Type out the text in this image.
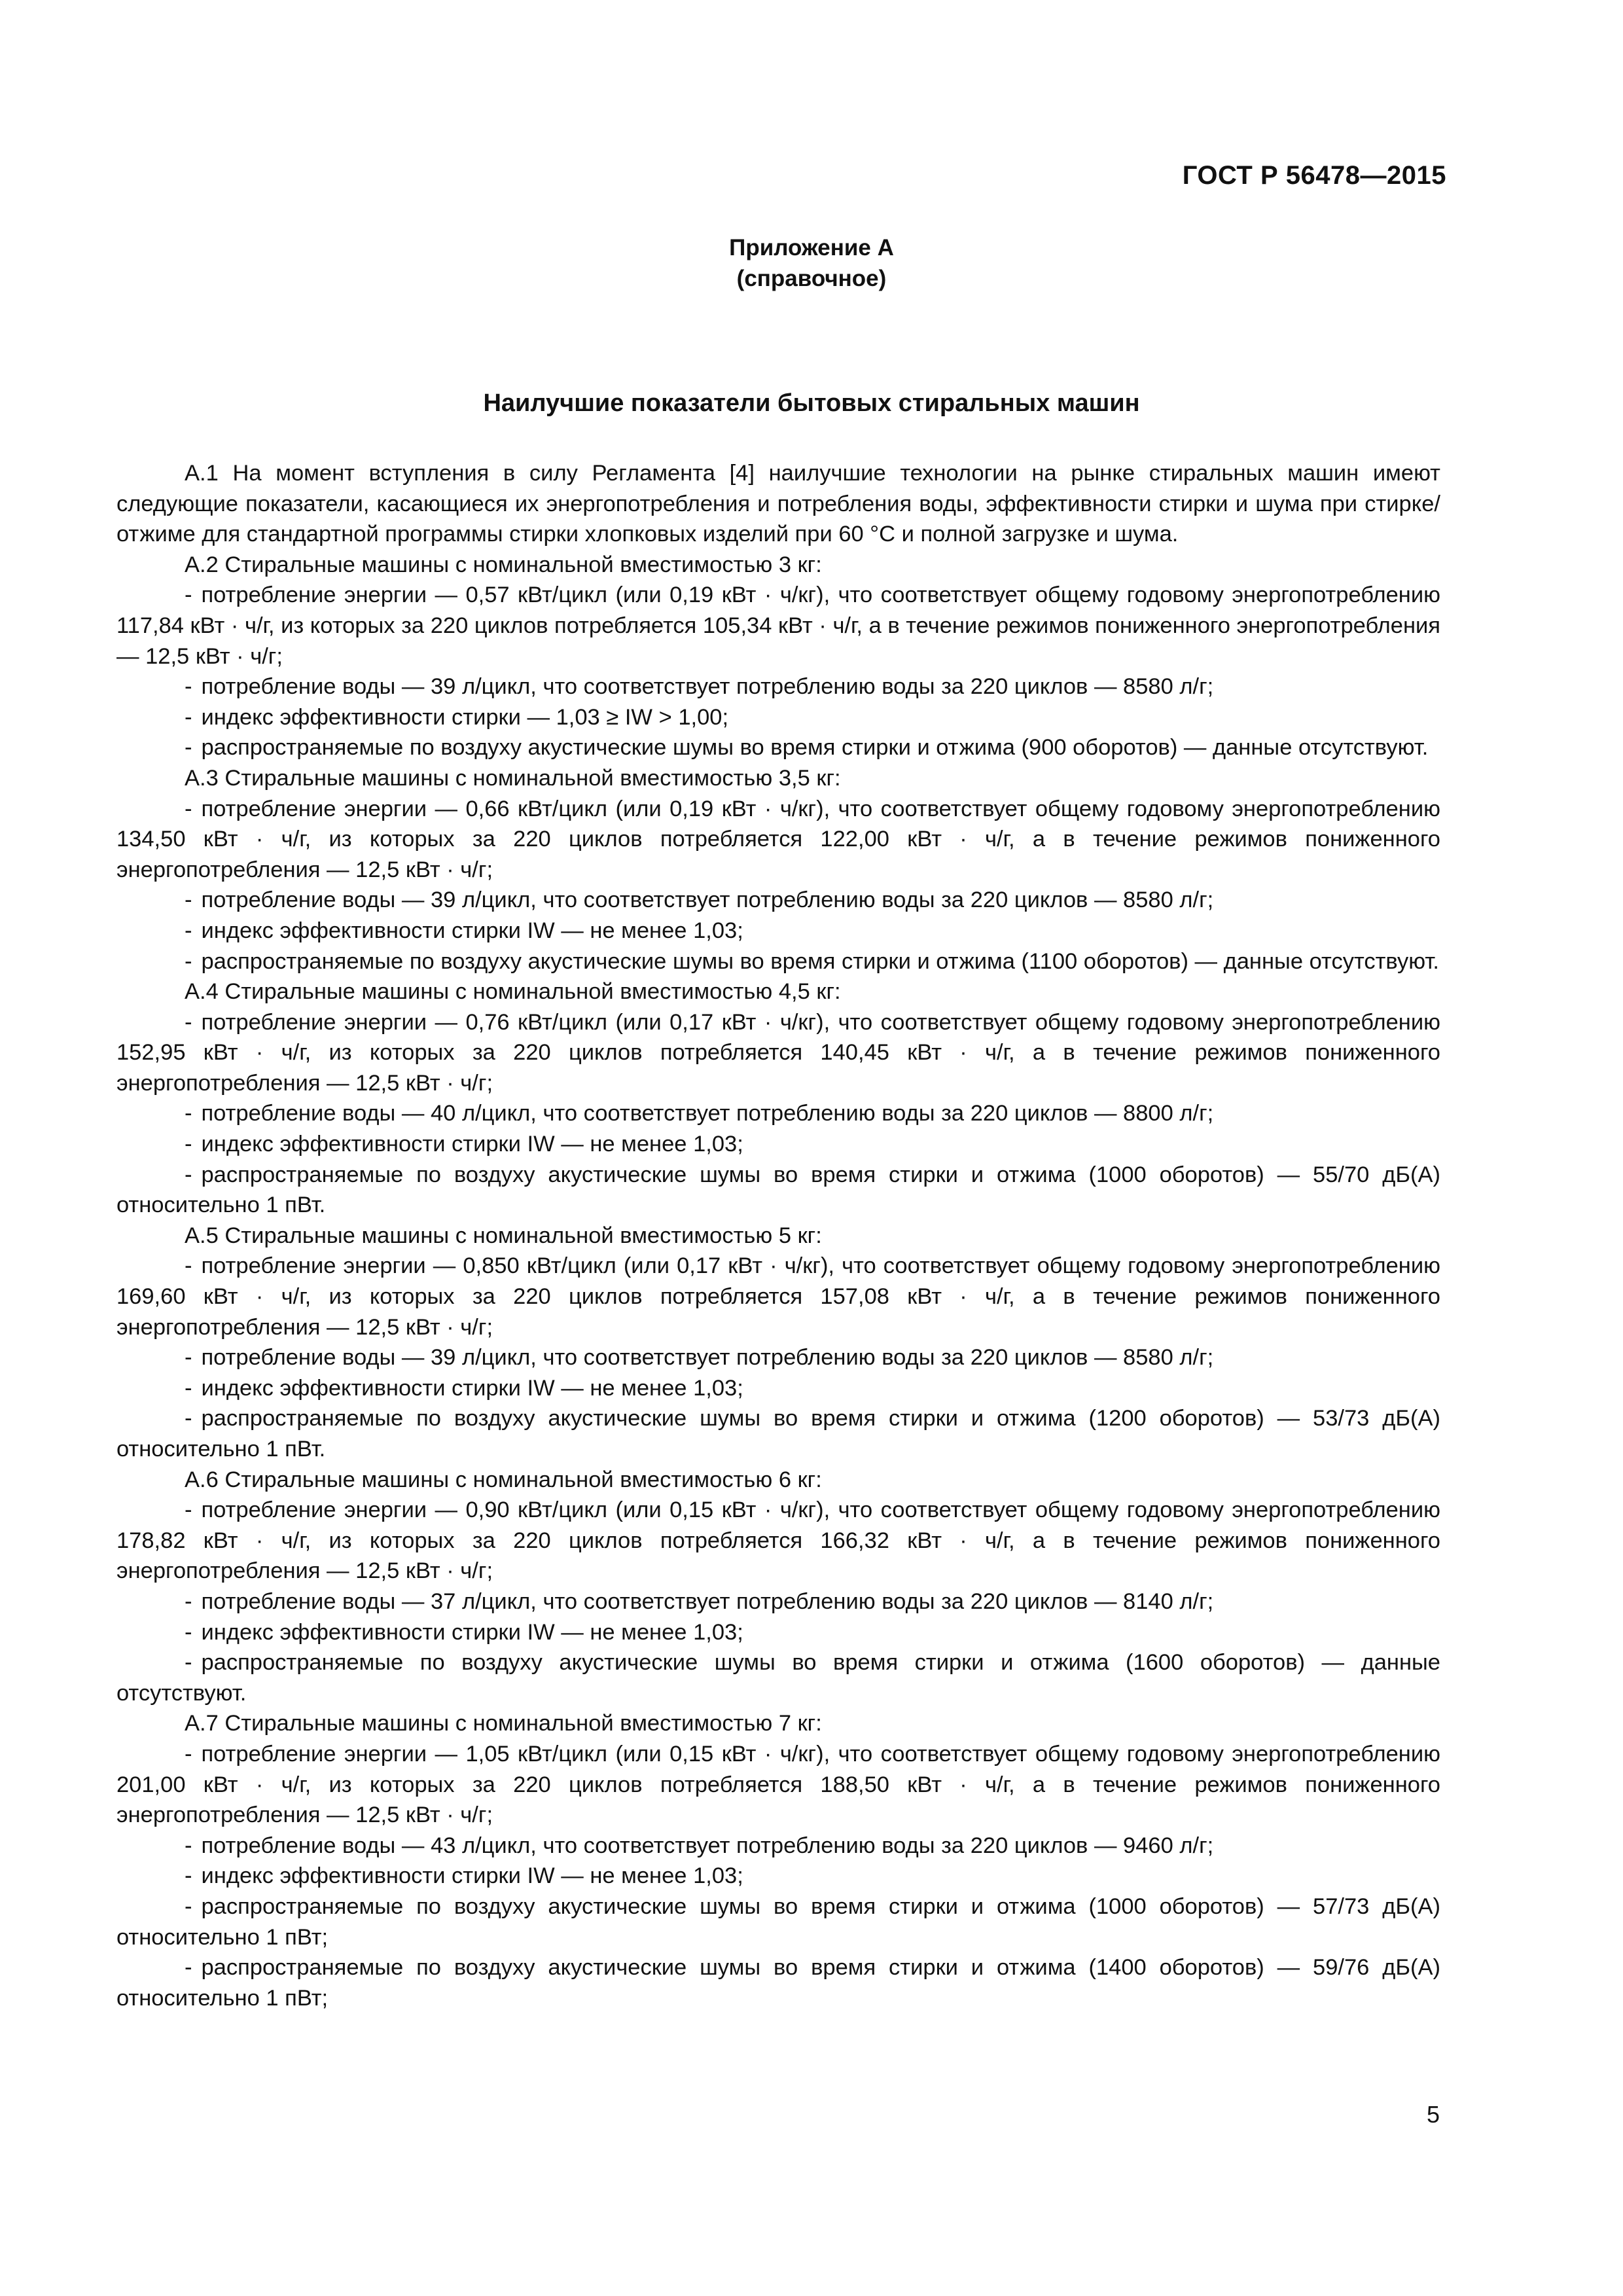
ГОСТ Р 56478—2015
Приложение А
(справочное)
Наилучшие показатели бытовых стиральных машин

А.1 На момент вступления в силу Регламента [4] наилучшие технологии на рынке стиральных машин имеют следующие показатели, касающиеся их энергопотребления и потребления воды, эффективности стирки и шума при стирке/отжиме для стандартной программы стирки хлопковых изделий при 60 °С и полной загрузке и шума.

А.2 Стиральные машины с номинальной вместимостью 3 кг:

- потребление энергии — 0,57 кВт/цикл (или 0,19 кВт · ч/кг), что соответствует общему годовому энергопотреблению 117,84 кВт · ч/г, из которых за 220 циклов потребляется 105,34 кВт · ч/г, а в течение режимов пониженного энергопотребления — 12,5 кВт · ч/г;

- потребление воды — 39 л/цикл, что соответствует потреблению воды за 220 циклов — 8580 л/г;

- индекс эффективности стирки — 1,03 ≥ IW > 1,00;

- распространяемые по воздуху акустические шумы во время стирки и отжима (900 оборотов) — данные отсутствуют.

А.3 Стиральные машины с номинальной вместимостью 3,5 кг:

- потребление энергии — 0,66 кВт/цикл (или 0,19 кВт · ч/кг), что соответствует общему годовому энергопотреблению 134,50 кВт · ч/г, из которых за 220 циклов потребляется 122,00 кВт · ч/г, а в течение режимов пониженного энергопотребления — 12,5 кВт · ч/г;

- потребление воды — 39 л/цикл, что соответствует потреблению воды за 220 циклов — 8580 л/г;

- индекс эффективности стирки IW — не менее 1,03;

- распространяемые по воздуху акустические шумы во время стирки и отжима (1100 оборотов) — данные отсутствуют.

А.4 Стиральные машины с номинальной вместимостью 4,5 кг:

- потребление энергии — 0,76 кВт/цикл (или 0,17 кВт · ч/кг), что соответствует общему годовому энергопотреблению 152,95 кВт · ч/г, из которых за 220 циклов потребляется 140,45 кВт · ч/г, а в течение режимов пониженного энергопотребления — 12,5 кВт · ч/г;

- потребление воды — 40 л/цикл, что соответствует потреблению воды за 220 циклов — 8800 л/г;

- индекс эффективности стирки IW — не менее 1,03;

- распространяемые по воздуху акустические шумы во время стирки и отжима (1000 оборотов) — 55/70 дБ(А) относительно 1 пВт.

А.5 Стиральные машины с номинальной вместимостью 5 кг:

- потребление энергии — 0,850 кВт/цикл (или 0,17 кВт · ч/кг), что соответствует общему годовому энергопотреблению 169,60 кВт · ч/г, из которых за 220 циклов потребляется 157,08 кВт · ч/г, а в течение режимов пониженного энергопотребления — 12,5 кВт · ч/г;

- потребление воды — 39 л/цикл, что соответствует потреблению воды за 220 циклов — 8580 л/г;

- индекс эффективности стирки IW — не менее 1,03;

- распространяемые по воздуху акустические шумы во время стирки и отжима (1200 оборотов) — 53/73 дБ(А) относительно 1 пВт.

А.6 Стиральные машины с номинальной вместимостью 6 кг:

- потребление энергии — 0,90 кВт/цикл (или 0,15 кВт · ч/кг), что соответствует общему годовому энергопотреблению 178,82 кВт · ч/г, из которых за 220 циклов потребляется 166,32 кВт · ч/г, а в течение режимов пониженного энергопотребления — 12,5 кВт · ч/г;

- потребление воды — 37 л/цикл, что соответствует потреблению воды за 220 циклов — 8140 л/г;

- индекс эффективности стирки IW — не менее 1,03;

- распространяемые по воздуху акустические шумы во время стирки и отжима (1600 оборотов) — данные отсутствуют.

А.7 Стиральные машины с номинальной вместимостью 7 кг:

- потребление энергии — 1,05 кВт/цикл (или 0,15 кВт · ч/кг), что соответствует общему годовому энергопотреблению 201,00 кВт · ч/г, из которых за 220 циклов потребляется 188,50 кВт · ч/г, а в течение режимов пониженного энергопотребления — 12,5 кВт · ч/г;

- потребление воды — 43 л/цикл, что соответствует потреблению воды за 220 циклов — 9460 л/г;

- индекс эффективности стирки IW — не менее 1,03;

- распространяемые по воздуху акустические шумы во время стирки и отжима (1000 оборотов) — 57/73 дБ(А) относительно 1 пВт;

- распространяемые по воздуху акустические шумы во время стирки и отжима (1400 оборотов) — 59/76 дБ(А) относительно 1 пВт;

5
